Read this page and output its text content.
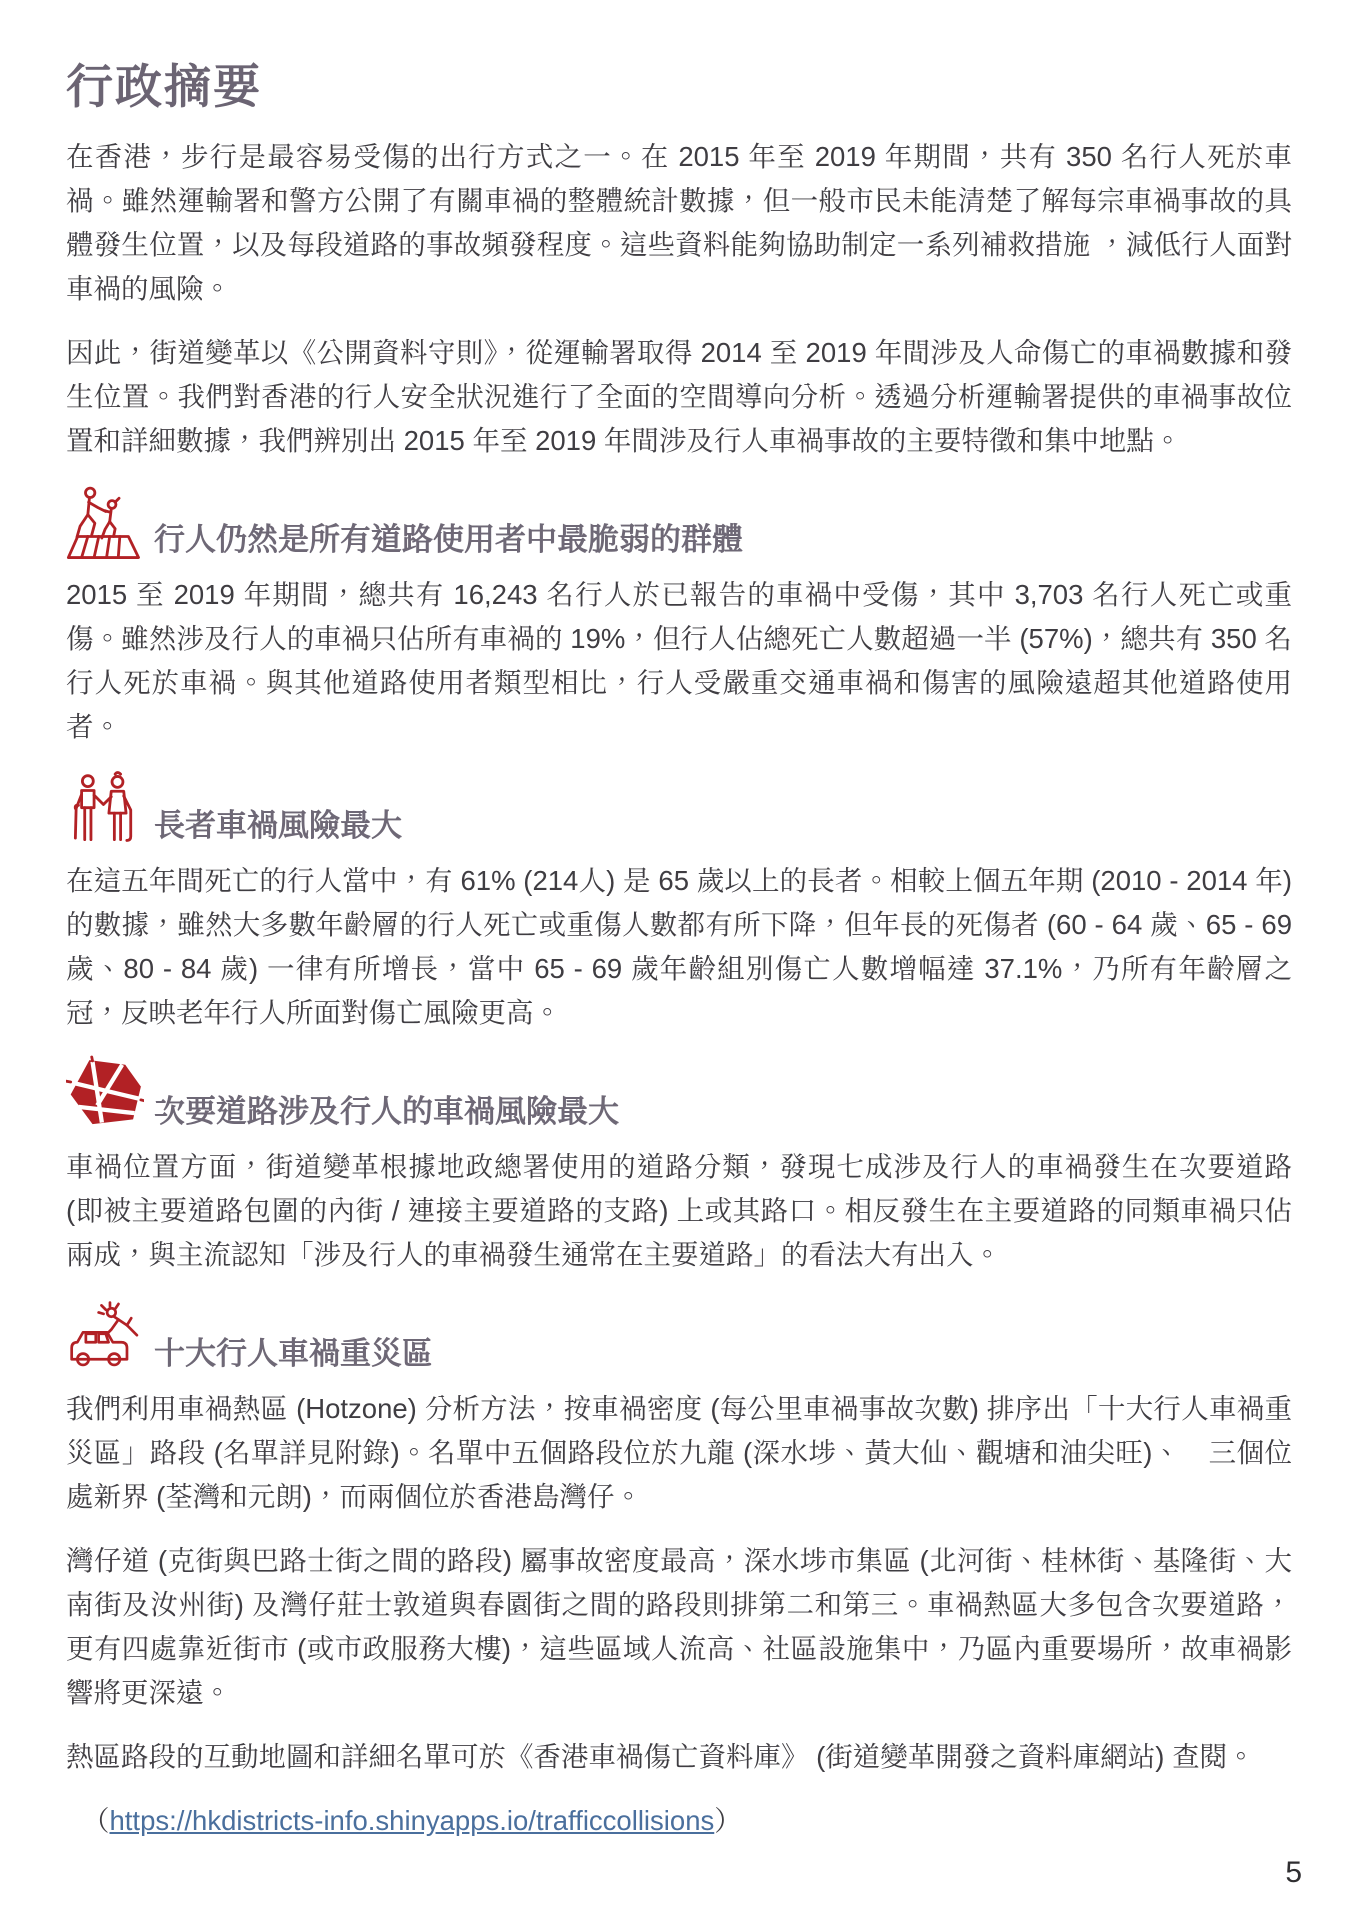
行政摘要

在香港，步行是最容易受傷的出行方式之一。在 2015 年至 2019 年期間，共有 350 名行人死於車禍。雖然運輸署和警方公開了有關車禍的整體統計數據，但一般市民未能清楚了解每宗車禍事故的具體發生位置，以及每段道路的事故頻發程度。這些資料能夠協助制定一系列補救措施 ，減低行人面對車禍的風險。

因此，街道變革以《公開資料守則》，從運輸署取得 2014 至 2019 年間涉及人命傷亡的車禍數據和發生位置。我們對香港的行人安全狀況進行了全面的空間導向分析。透過分析運輸署提供的車禍事故位置和詳細數據，我們辨別出 2015 年至 2019 年間涉及行人車禍事故的主要特徵和集中地點。

行人仍然是所有道路使用者中最脆弱的群體

2015 至 2019 年期間，總共有 16,243 名行人於已報告的車禍中受傷，其中 3,703 名行人死亡或重傷。雖然涉及行人的車禍只佔所有車禍的 19%，但行人佔總死亡人數超過一半 (57%)，總共有 350 名行人死於車禍。與其他道路使用者類型相比，行人受嚴重交通車禍和傷害的風險遠超其他道路使用者。

長者車禍風險最大

在這五年間死亡的行人當中，有 61% (214人) 是 65 歲以上的長者。相較上個五年期 (2010 - 2014 年) 的數據，雖然大多數年齡層的行人死亡或重傷人數都有所下降，但年長的死傷者 (60 - 64 歲、65 - 69 歲、80 - 84 歲) 一律有所增長，當中 65 - 69 歲年齡組別傷亡人數增幅達 37.1%，乃所有年齡層之冠，反映老年行人所面對傷亡風險更高。

次要道路涉及行人的車禍風險最大

車禍位置方面，街道變革根據地政總署使用的道路分類，發現七成涉及行人的車禍發生在次要道路 (即被主要道路包圍的內街 / 連接主要道路的支路) 上或其路口。相反發生在主要道路的同類車禍只佔兩成，與主流認知「涉及行人的車禍發生通常在主要道路」的看法大有出入。

十大行人車禍重災區

我們利用車禍熱區 (Hotzone) 分析方法，按車禍密度 (每公里車禍事故次數) 排序出「十大行人車禍重災區」路段 (名單詳見附錄)。名單中五個路段位於九龍 (深水埗、黃大仙、觀塘和油尖旺)、　三個位處新界 (荃灣和元朗)，而兩個位於香港島灣仔。

灣仔道 (克街與巴路士街之間的路段) 屬事故密度最高，深水埗市集區 (北河街、桂林街、基隆街、大南街及汝州街) 及灣仔莊士敦道與春園街之間的路段則排第二和第三。車禍熱區大多包含次要道路，更有四處靠近街市 (或市政服務大樓)，這些區域人流高、社區設施集中，乃區內重要場所，故車禍影響將更深遠。

熱區路段的互動地圖和詳細名單可於《香港車禍傷亡資料庫》 (街道變革開發之資料庫網站) 查閱。

（https://hkdistricts-info.shinyapps.io/trafficcollisions）
5
